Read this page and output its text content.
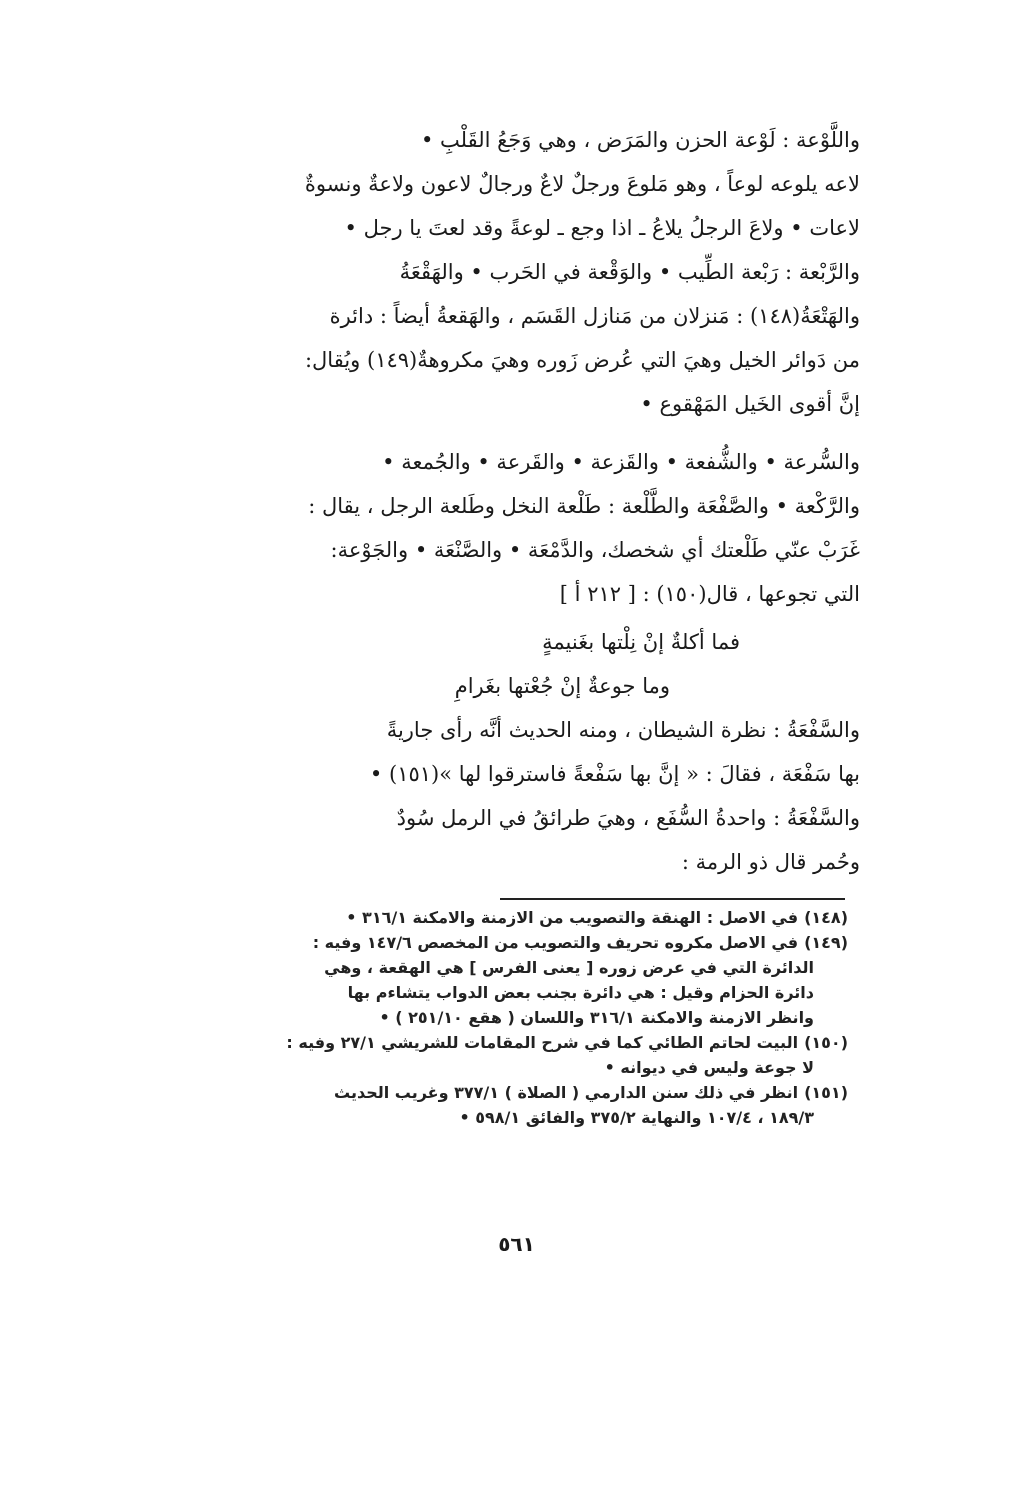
واللَّوْعة : لَوْعة الحزن والمَرَض ، وهي وَجَعُ القَلْبِ •

لاعه يلوعه لوعاً ، وهو مَلوعَ ورجلٌ لاعٌ ورجالٌ لاعون ولاعةٌ ونسوةٌ

لاعات • ولاعَ الرجلُ يلاعُ ـ اذا وجع ـ لوعةً وقد لعتَ يا رجل •

والرَّبْعة : رَبْعة الطِّيب • والوَقْعة في الحَرب • والهَقْعَةُ

والهَتْعَةُ(١٤٨) : مَنزلان من مَنازل القَسَم ، والهَقعةُ أيضاً : دائرة

من دَوائر الخيل وهيَ التي عُرض زَوره وهيَ مكروهةٌ(١٤٩) ويُقال:

إنَّ أقوى الخَيل المَهْقوع •

والسُّرعة • والشُّفعة • والقَزعة • والقَرعة • والجُمعة •

والرَّكْعة • والصَّفْعَة والطَّلْعة : طَلْعة النخل وطَلعة الرجل ، يقال :

غَرَبْ عنّي طَلْعتك أي شخصك، والدَّمْعَة • والصَّنْعَة • والجَوْعة:

التي تجوعها ، قال(١٥٠) : [ ٢١٢ أ ]

فما أكلةٌ إنْ نِلْتها بغَنيمةٍ

وما جوعةٌ إنْ جُعْتها بغَرامِ

والسَّفْعَةُ : نظرة الشيطان ، ومنه الحديث أنَّه رأى جاريةً

بها سَفْعَة ، فقالَ : « إنَّ بها سَفْعةً فاسترقوا لها »(١٥١) •

والسَّفْعَةُ : واحدةُ السُّفَع ، وهيَ طرائقُ في الرمل سُودٌ

وحُمر قال ذو الرمة :

(١٤٨)في الاصل : الهنقة والتصويب من الازمنة والامكنة ٣١٦/١ •

(١٤٩)في الاصل مكروه تحريف والتصويب من المخصص ١٤٧/٦ وفيه :

الدائرة التي في عرض زوره [ يعنى الفرس ] هي الهقعة ، وهي

دائرة الحزام وقيل : هي دائرة بجنب بعض الدواب يتشاءم بها

وانظر الازمنة والامكنة ٣١٦/١ واللسان ( هقع ٢٥١/١٠ ) •

(١٥٠)البيت لحاتم الطائي كما في شرح المقامات للشريشي ٢٧/١ وفيه :

لا جوعة وليس في ديوانه •

(١٥١)انظر في ذلك سنن الدارمي ( الصلاة ) ٣٧٧/١ وغريب الحديث

١٨٩/٣ ، ١٠٧/٤ والنهاية ٣٧٥/٢ والفائق ٥٩٨/١ •

٥٦١
